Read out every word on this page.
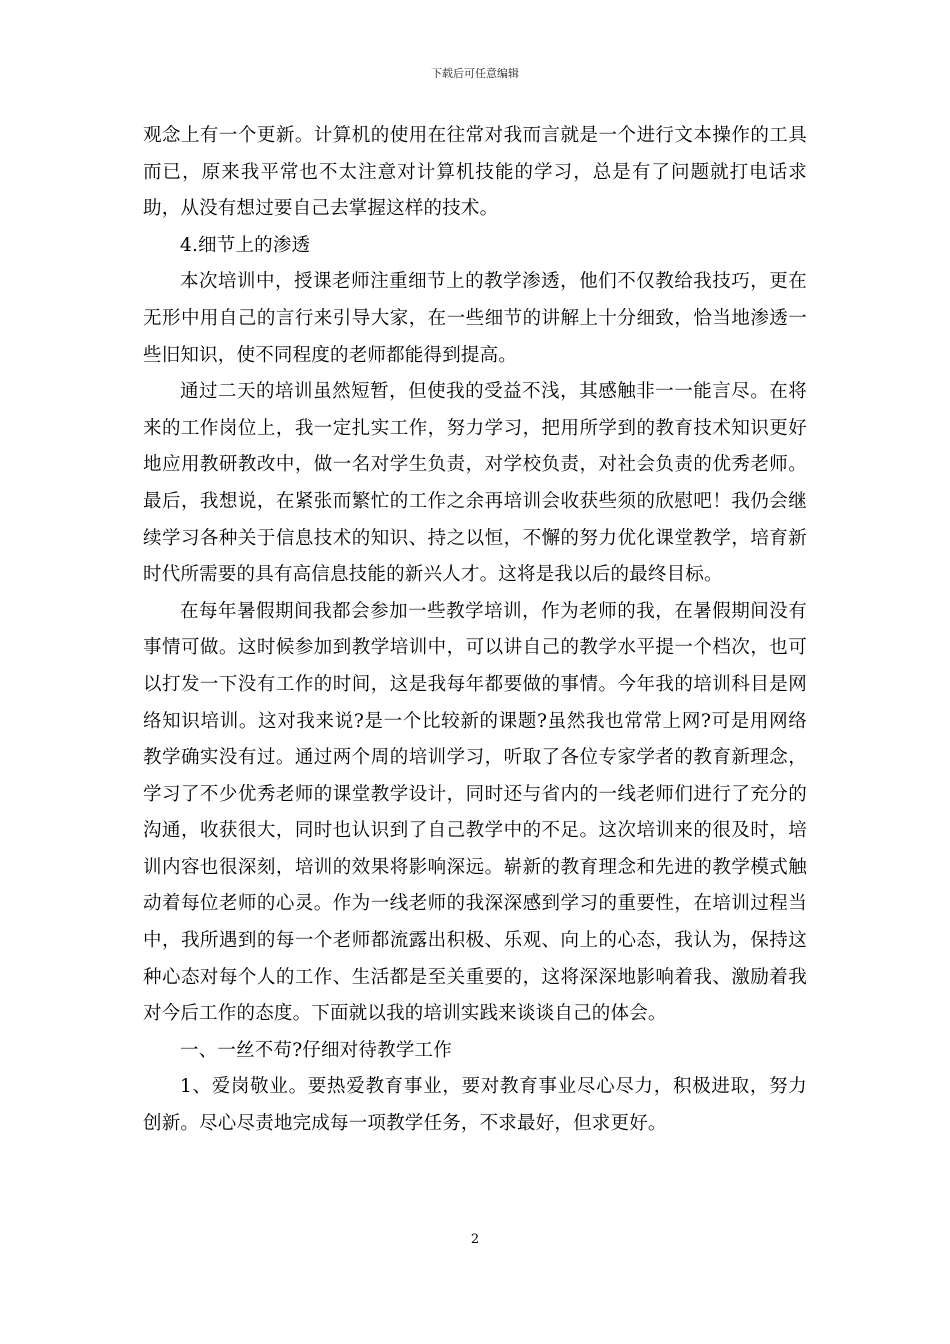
下载后可任意编辑

观念上有一个更新。计算机的使用在往常对我而言就是一个进行文本操作的工具而已，原来我平常也不太注意对计算机技能的学习，总是有了问题就打电话求助，从没有想过要自己去掌握这样的技术。

4.细节上的渗透

本次培训中，授课老师注重细节上的教学渗透，他们不仅教给我技巧，更在无形中用自己的言行来引导大家，在一些细节的讲解上十分细致，恰当地渗透一些旧知识，使不同程度的老师都能得到提高。

通过二天的培训虽然短暂，但使我的受益不浅，其感触非一一能言尽。在将来的工作岗位上，我一定扎实工作，努力学习，把用所学到的教育技术知识更好地应用教研教改中，做一名对学生负责，对学校负责，对社会负责的优秀老师。最后，我想说，在紧张而繁忙的工作之余再培训会收获些须的欣慰吧！我仍会继续学习各种关于信息技术的知识、持之以恒，不懈的努力优化课堂教学，培育新时代所需要的具有高信息技能的新兴人才。这将是我以后的最终目标。

在每年暑假期间我都会参加一些教学培训，作为老师的我，在暑假期间没有事情可做。这时候参加到教学培训中，可以讲自己的教学水平提一个档次，也可以打发一下没有工作的时间，这是我每年都要做的事情。今年我的培训科目是网络知识培训。这对我来说?是一个比较新的课题?虽然我也常常上网?可是用网络教学确实没有过。通过两个周的培训学习，听取了各位专家学者的教育新理念，学习了不少优秀老师的课堂教学设计，同时还与省内的一线老师们进行了充分的沟通，收获很大，同时也认识到了自己教学中的不足。这次培训来的很及时，培训内容也很深刻，培训的效果将影响深远。崭新的教育理念和先进的教学模式触动着每位老师的心灵。作为一线老师的我深深感到学习的重要性，在培训过程当中，我所遇到的每一个老师都流露出积极、乐观、向上的心态，我认为，保持这种心态对每个人的工作、生活都是至关重要的，这将深深地影响着我、激励着我对今后工作的态度。下面就以我的培训实践来谈谈自己的体会。

一、一丝不苟?仔细对待教学工作

1、爱岗敬业。要热爱教育事业，要对教育事业尽心尽力，积极进取，努力创新。尽心尽责地完成每一项教学任务，不求最好，但求更好。

2
